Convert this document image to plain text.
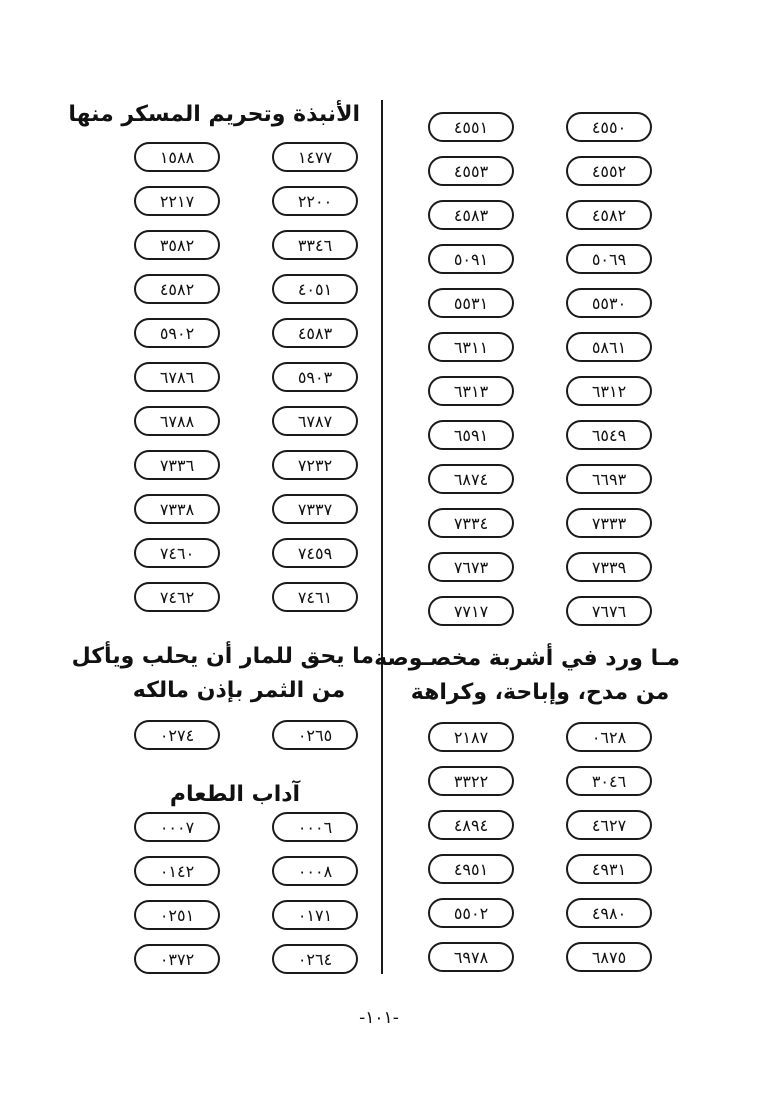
٤٥٥٠
٤٥٥١
٤٥٥٢
٤٥٥٣
٤٥٨٢
٤٥٨٣
٥٠٦٩
٥٠٩١
٥٥٣٠
٥٥٣١
٥٨٦١
٦٣١١
٦٣١٢
٦٣١٣
٦٥٤٩
٦٥٩١
٦٦٩٣
٦٨٧٤
٧٣٣٣
٧٣٣٤
٧٣٣٩
٧٦٧٣
٧٦٧٦
٧٧١٧
مـا ورد في أشربة مخصـوصة
من مدح، وإباحة، وكراهة
٠٦٢٨
٢١٨٧
٣٠٤٦
٣٣٢٢
٤٦٢٧
٤٨٩٤
٤٩٣١
٤٩٥١
٤٩٨٠
٥٥٠٢
٦٨٧٥
٦٩٧٨
الأنبذة وتحريم المسكر منها
١٤٧٧
١٥٨٨
٢٢٠٠
٢٢١٧
٣٣٤٦
٣٥٨٢
٤٠٥١
٤٥٨٢
٤٥٨٣
٥٩٠٢
٥٩٠٣
٦٧٨٦
٦٧٨٧
٦٧٨٨
٧٢٣٢
٧٣٣٦
٧٣٣٧
٧٣٣٨
٧٤٥٩
٧٤٦٠
٧٤٦١
٧٤٦٢
ما يحق للمار أن يحلب ويأكل
من الثمر بإذن مالكه
٠٢٦٥
٠٢٧٤
آداب الطعام
٠٠٠٦
٠٠٠٧
٠٠٠٨
٠١٤٢
٠١٧١
٠٢٥١
٠٢٦٤
٠٣٧٢
-١٠١-
